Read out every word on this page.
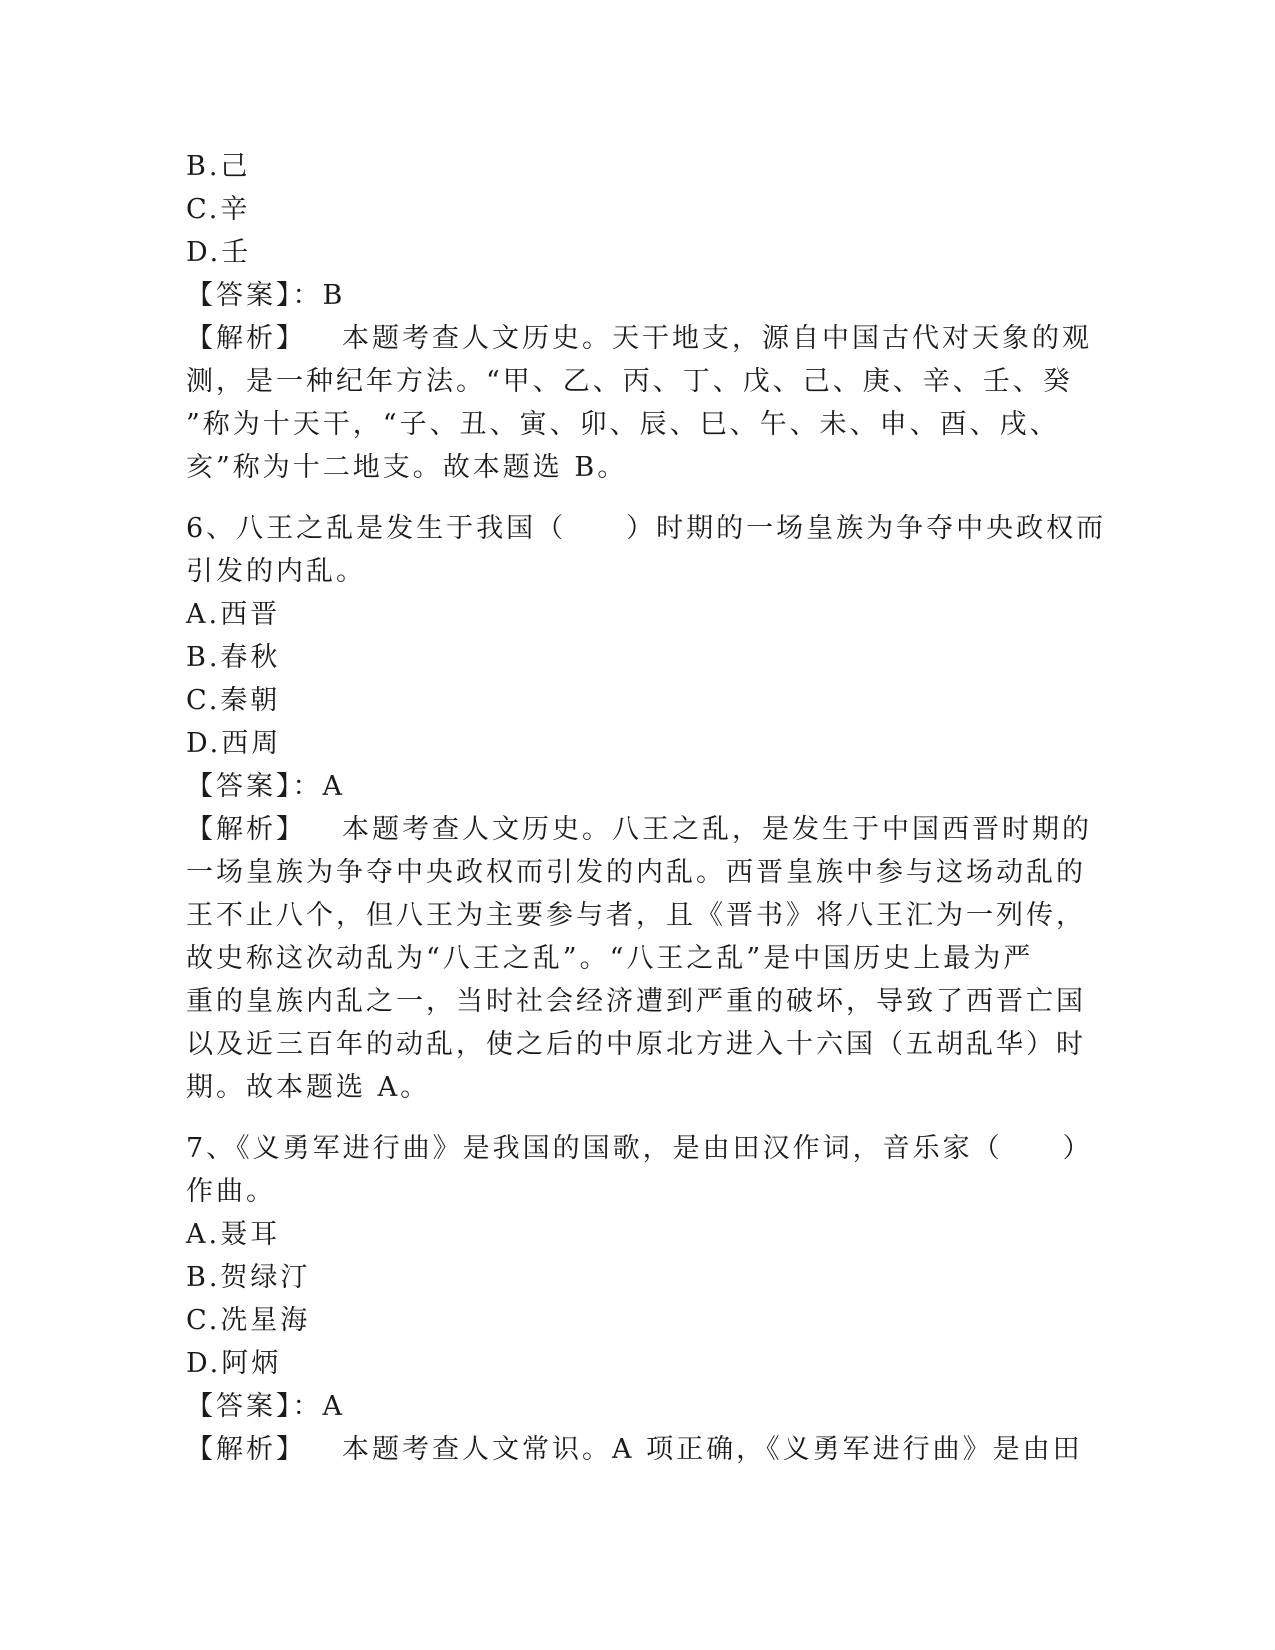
B.己
C.辛
D.壬
【答案】：B
【解析】 本题考查人文历史。天干地支，源自中国古代对天象的观
测，是一种纪年方法。“甲、乙、丙、丁、戊、己、庚、辛、壬、癸
”称为十天干，“子、丑、寅、卯、辰、巳、午、未、申、酉、戌、
亥”称为十二地支。故本题选 B。
6、八王之乱是发生于我国（　　）时期的一场皇族为争夺中央政权而
引发的内乱。
A.西晋
B.春秋
C.秦朝
D.西周
【答案】：A
【解析】 本题考查人文历史。八王之乱，是发生于中国西晋时期的
一场皇族为争夺中央政权而引发的内乱。西晋皇族中参与这场动乱的
王不止八个，但八王为主要参与者，且《晋书》将八王汇为一列传，
故史称这次动乱为“八王之乱”。“八王之乱”是中国历史上最为严
重的皇族内乱之一，当时社会经济遭到严重的破坏，导致了西晋亡国
以及近三百年的动乱，使之后的中原北方进入十六国（五胡乱华）时
期。故本题选 A。
7、《义勇军进行曲》是我国的国歌，是由田汉作词，音乐家（　　）
作曲。
A.聂耳
B.贺绿汀
C.冼星海
D.阿炳
【答案】：A
【解析】 本题考查人文常识。A 项正确，《义勇军进行曲》是由田
